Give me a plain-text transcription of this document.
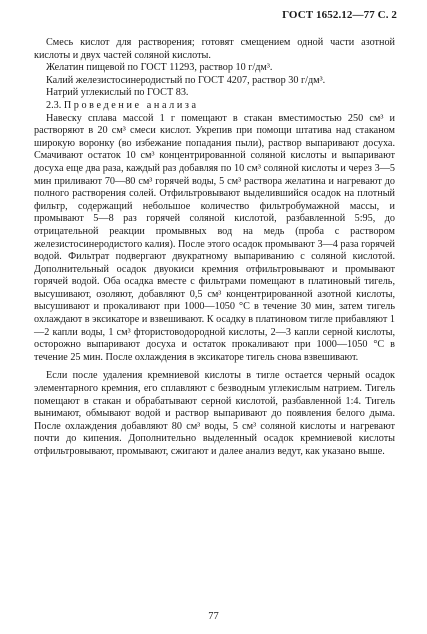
ГОСТ 1652.12—77 С. 2

Смесь кислот для растворения; готовят смещением одной части азотной кислоты и двух частей соляной кислоты.

Желатин пищевой по ГОСТ 11293, раствор 10 г/дм³.

Калий железистосинеродистый по ГОСТ 4207, раствор 30 г/дм³.

Натрий углекислый по ГОСТ 83.

2.3. Проведение анализа

Навеску сплава массой 1 г помещают в стакан вместимостью 250 см³ и растворяют в 20 см³ смеси кислот. Укрепив при помощи штатива над стаканом широкую воронку (во избежание попадания пыли), раствор выпаривают досуха. Смачивают остаток 10 см³ концентрированной соляной кислоты и выпаривают досуха еще два раза, каждый раз добавляя по 10 см³ соляной кислоты и через 3—5 мин приливают 70—80 см³ горячей воды, 5 см³ раствора желатина и нагревают до полного растворения солей. Отфильтровывают выделившийся осадок на плотный фильтр, содержащий небольшое количество фильтробумажной массы, и промывают 5—8 раз горячей соляной кислотой, разбавленной 5:95, до отрицательной реакции промывных вод на медь (проба с раствором железистосинеродистого калия). После этого осадок промывают 3—4 раза горячей водой. Фильтрат подвергают двукратному выпариванию с соляной кислотой. Дополнительный осадок двуокиси кремния отфильтровывают и промывают горячей водой. Оба осадка вместе с фильтрами помещают в платиновый тигель, высушивают, озоляют, добавляют 0,5 см³ концентрированной азотной кислоты, высушивают и прокаливают при 1000—1050 °С в течение 30 мин, затем тигель охлаждают в эксикаторе и взвешивают. К осадку в платиновом тигле прибавляют 1—2 капли воды, 1 см³ фтористоводородной кислоты, 2—3 капли серной кислоты, осторожно выпаривают досуха и остаток прокаливают при 1000—1050 °С в течение 25 мин. После охлаждения в эксикаторе тигель снова взвешивают.

Если после удаления кремниевой кислоты в тигле остается черный осадок элементарного кремния, его сплавляют с безводным углекислым натрием. Тигель помещают в стакан и обрабатывают серной кислотой, разбавленной 1:4. Тигель вынимают, обмывают водой и раствор выпаривают до появления белого дыма. После охлаждения добавляют 80 см³ воды, 5 см³ соляной кислоты и нагревают почти до кипения. Дополнительно выделенный осадок кремниевой кислоты отфильтровывают, промывают, сжигают и далее анализ ведут, как указано выше.

77
